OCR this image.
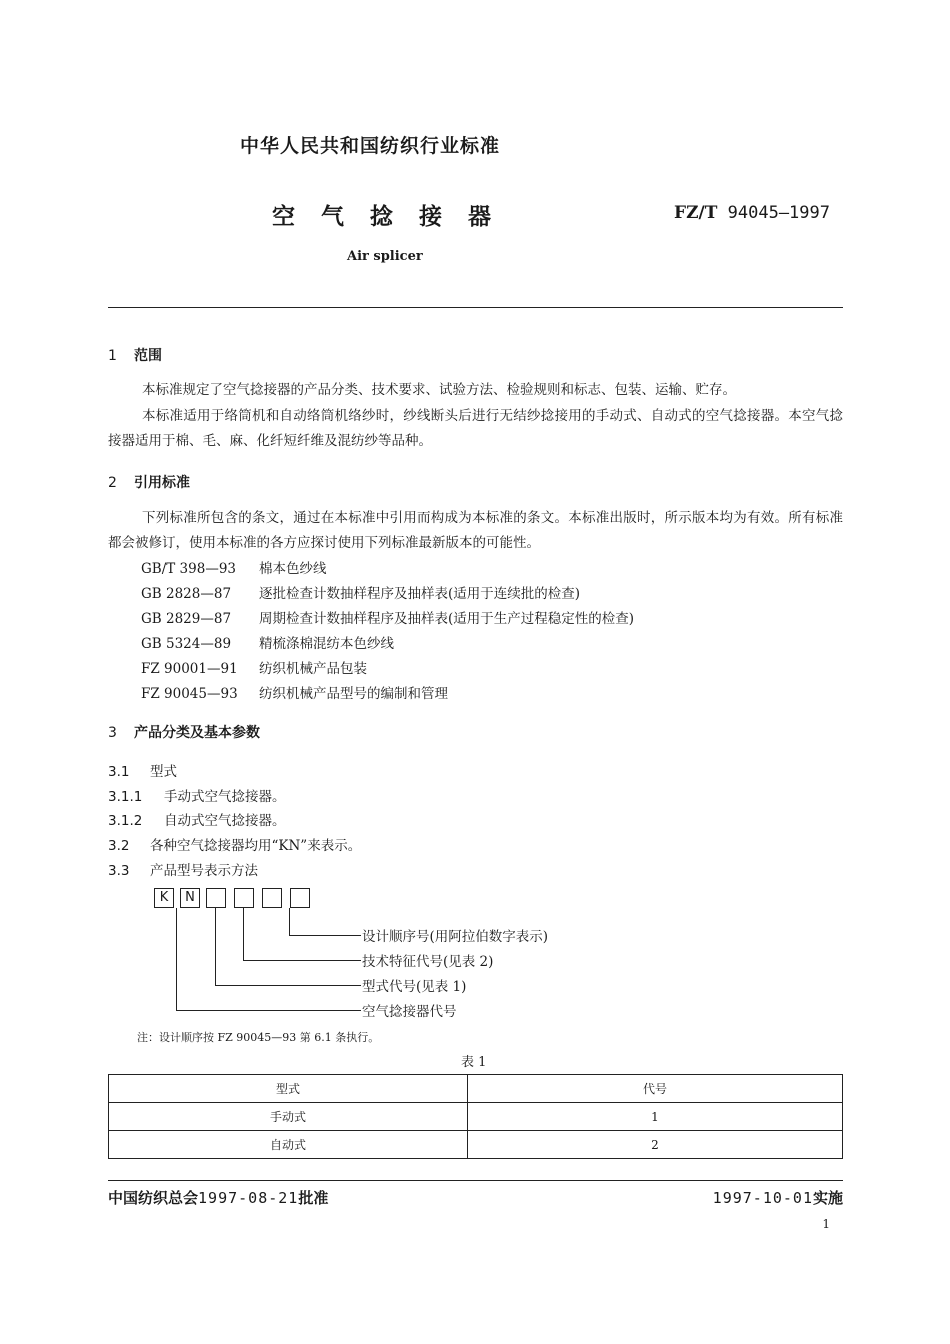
中华人民共和国纺织行业标准
空气捻接器	FZ/T 94045—1997
Air splicer
1 范围
本标准规定了空气捻接器的产品分类、技术要求、试验方法、检验规则和标志、包装、运输、贮存。
本标准适用于络筒机和自动络筒机络纱时，纱线断头后进行无结纱捻接用的手动式、自动式的空气捻接器。本空气捻接器适用于棉、毛、麻、化纤短纤维及混纺纱等品种。
2 引用标准
下列标准所包含的条文，通过在本标准中引用而构成为本标准的条文。本标准出版时，所示版本均为有效。所有标准都会被修订，使用本标准的各方应探讨使用下列标准最新版本的可能性。
GB/T 398—93 棉本色纱线
GB 2828—87 逐批检查计数抽样程序及抽样表(适用于连续批的检查)
GB 2829—87 周期检查计数抽样程序及抽样表(适用于生产过程稳定性的检查)
GB 5324—89 精梳涤棉混纺本色纱线
FZ 90001—91 纺织机械产品包装
FZ 90045—93 纺织机械产品型号的编制和管理
3 产品分类及基本参数
3.1 型式
3.1.1 手动式空气捻接器。
3.1.2 自动式空气捻接器。
3.2 各种空气捻接器均用“KN”来表示。
3.3 产品型号表示方法
K	N
设计顺序号(用阿拉伯数字表示)
技术特征代号(见表 2)
型式代号(见表 1)
空气捻接器代号
注：设计顺序按 FZ 90045—93 第 6.1 条执行。
表 1
型式	代号
手动式	1
自动式	2
中国纺织总会1997-08-21批准	1997-10-01实施
1
